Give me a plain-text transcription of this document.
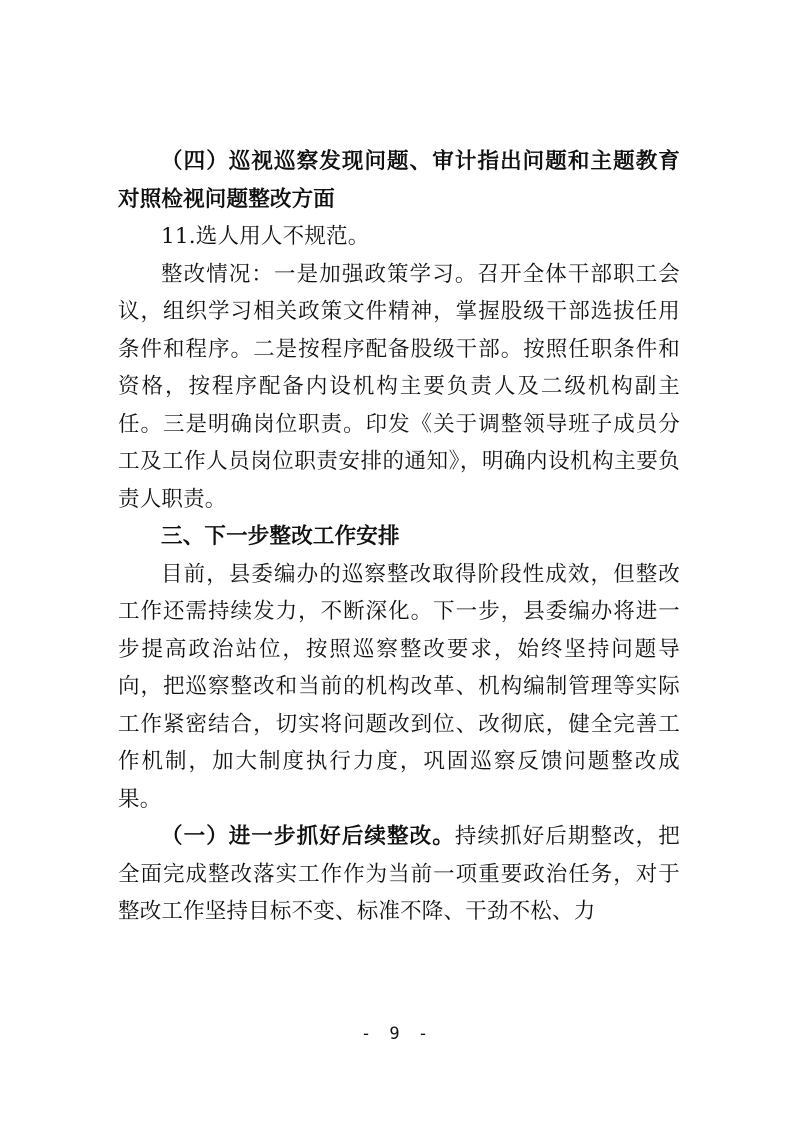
（四）巡视巡察发现问题、审计指出问题和主题教育对照检视问题整改方面

11.选人用人不规范。

整改情况：一是加强政策学习。召开全体干部职工会议，组织学习相关政策文件精神，掌握股级干部选拔任用条件和程序。二是按程序配备股级干部。按照任职条件和资格，按程序配备内设机构主要负责人及二级机构副主任。三是明确岗位职责。印发《关于调整领导班子成员分工及工作人员岗位职责安排的通知》，明确内设机构主要负责人职责。

三、下一步整改工作安排

目前，县委编办的巡察整改取得阶段性成效，但整改工作还需持续发力，不断深化。下一步，县委编办将进一步提高政治站位，按照巡察整改要求，始终坚持问题导向，把巡察整改和当前的机构改革、机构编制管理等实际工作紧密结合，切实将问题改到位、改彻底，健全完善工作机制，加大制度执行力度，巩固巡察反馈问题整改成果。

（一）进一步抓好后续整改。持续抓好后期整改，把全面完成整改落实工作作为当前一项重要政治任务，对于整改工作坚持目标不变、标准不降、干劲不松、力

- 9 -
